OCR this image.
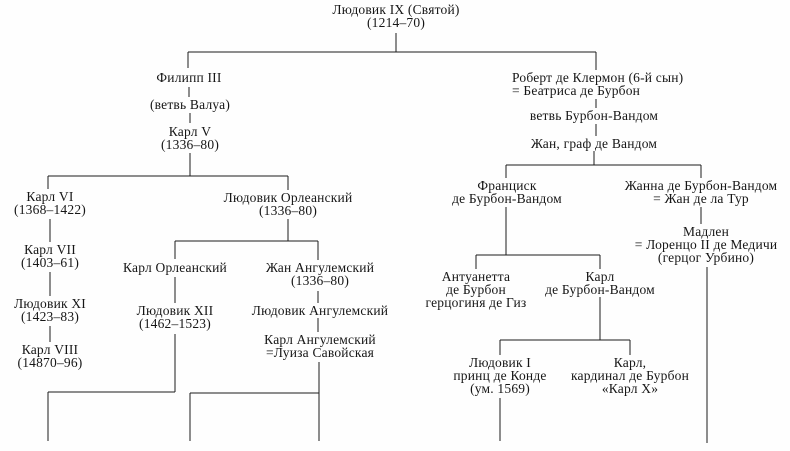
Людовик IX (Святой)
(1214–70)
Филипп III
(ветвь Валуа)
Карл V
(1336–80)
Карл VI
(1368–1422)
Карл VII
(1403–61)
Людовик XI
(1423–83)
Карл VIII
(14870–96)
Людовик Орлеанский
(1336–80)
Карл Орлеанский	Жан Ангулемский
(1336–80)
Людовик XII
(1462–1523)
Людовик Ангулемский
Карл Ангулемский
=Луиза Савойская
Роберт де Клермон (6-й сын)
= Беатриса де Бурбон
ветвь Бурбон-Вандом
Жан, граф де Вандом
Франциск
де Бурбон-Вандом
Жанна де Бурбон-Вандом
= Жан де ла Тур
Мадлен
= Лоренцо II де Медичи
(герцог Урбино)
Антуанетта
де Бурбон
герцогиня де Гиз
Карл
де Бурбон-Вандом
Людовик I
принц де Конде
(ум. 1569)
Карл,
кардинал де Бурбон
«Карл X»
